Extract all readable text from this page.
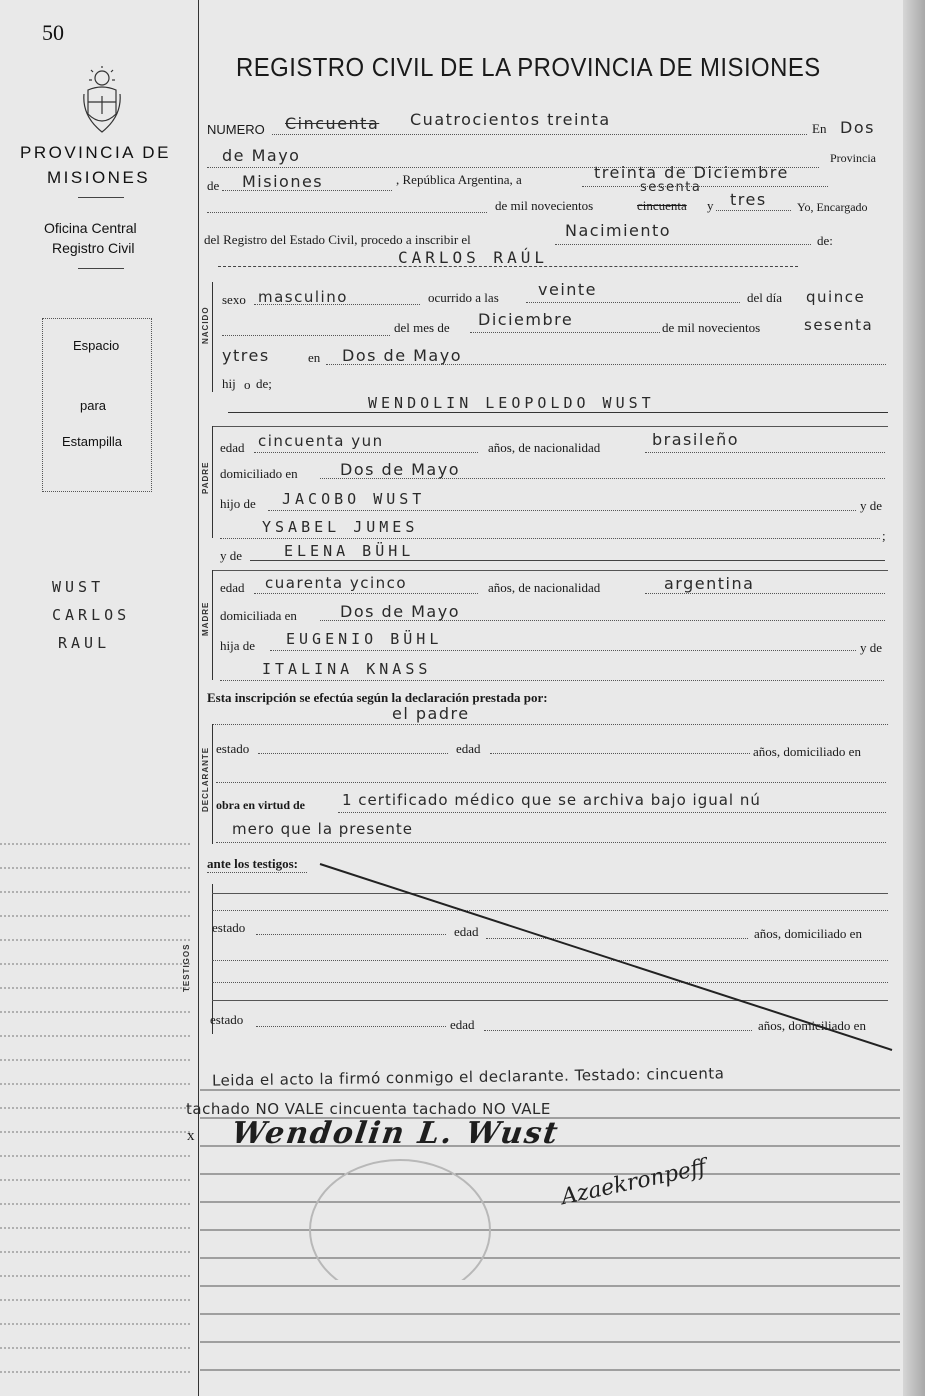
50
PROVINCIA DE
MISIONES
Oficina Central
Registro Civil
Espacio
para
Estampilla
WUST
CARLOS
RAUL
REGISTRO CIVIL DE LA PROVINCIA DE MISIONES
NUMERO Cincuenta Cuatrocientos treinta	En Dos
de Mayo	Provincia
de Misiones	, República Argentina, a	treinta de Diciembre
de mil novecientos	cincuenta
sesenta
y tres	Yo, Encargado
del Registro del Estado Civil, procedo a inscribir el	Nacimiento
de:
CARLOS RAÚL
NACIDO
sexo masculino	ocurrido a las veinte	del día quince
del mes de Diciembre	de mil novecientos	sesenta
ytres	en Dos de Mayo
hij o de;
WENDOLIN LEOPOLDO WUST
PADRE
edad cincuenta yun	años, de nacionalidad	brasileño
domiciliado en	Dos de Mayo
hijo de JACOBO WUST	y de
YSABEL JUMES	;
y de	ELENA BÜHL
MADRE
edad cuarenta ycinco	años, de nacionalidad	argentina
domiciliada en	Dos de Mayo
hija de EUGENIO BÜHL	y de
ITALINA KNASS
Esta inscripción se efectúa según la declaración prestada por:
el padre
DECLARANTE estado	edad	años, domiciliado en
obra en virtud de 1 certificado médico que se archiva bajo igual nú
mero que la presente
ante los testigos:
TESTIGOS
estado	edad	años, domiciliado en
estado	edad	años, domiciliado en
Leida el acto la firmó conmigo el declarante. Testado: cincuenta
tachado NO VALE cincuenta tachado NO VALE
x Wendolin L. Wust
Azaekronpeff
